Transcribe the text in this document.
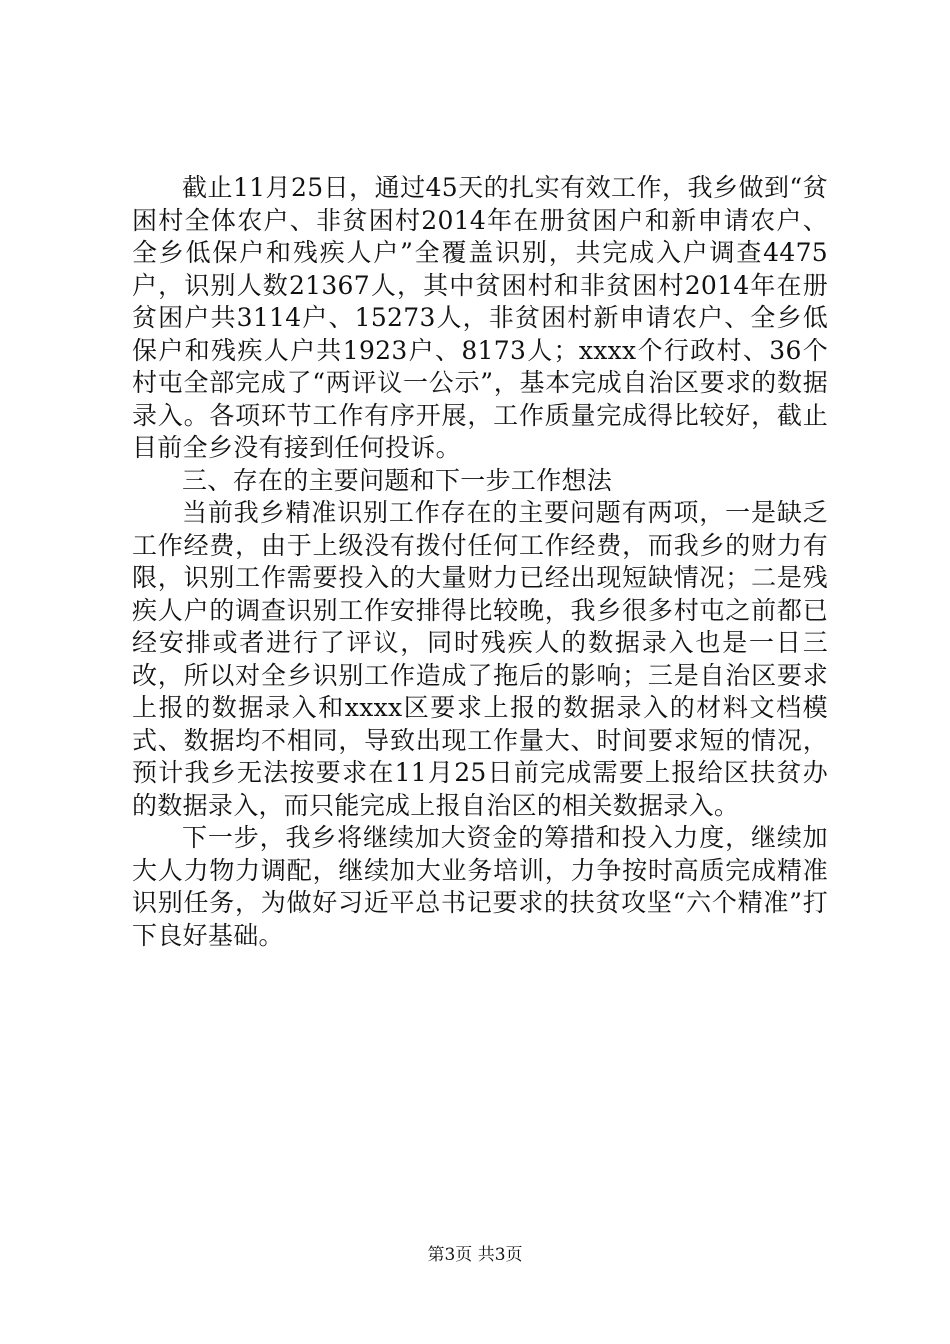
截止11月25日，通过45天的扎实有效工作，我乡做到“贫困村全体农户、非贫困村2014年在册贫困户和新申请农户、全乡低保户和残疾人户”全覆盖识别，共完成入户调查4475户，识别人数21367人，其中贫困村和非贫困村2014年在册贫困户共3114户、15273人，非贫困村新申请农户、全乡低保户和残疾人户共1923户、8173人；xxxx个行政村、36个村屯全部完成了“两评议一公示”，基本完成自治区要求的数据录入。各项环节工作有序开展，工作质量完成得比较好，截止目前全乡没有接到任何投诉。

三、存在的主要问题和下一步工作想法

当前我乡精准识别工作存在的主要问题有两项，一是缺乏工作经费，由于上级没有拨付任何工作经费，而我乡的财力有限，识别工作需要投入的大量财力已经出现短缺情况；二是残疾人户的调查识别工作安排得比较晚，我乡很多村屯之前都已经安排或者进行了评议，同时残疾人的数据录入也是一日三改，所以对全乡识别工作造成了拖后的影响；三是自治区要求上报的数据录入和xxxx区要求上报的数据录入的材料文档模式、数据均不相同，导致出现工作量大、时间要求短的情况，预计我乡无法按要求在11月25日前完成需要上报给区扶贫办的数据录入，而只能完成上报自治区的相关数据录入。

下一步，我乡将继续加大资金的筹措和投入力度，继续加大人力物力调配，继续加大业务培训，力争按时高质完成精准识别任务，为做好习近平总书记要求的扶贫攻坚“六个精准”打下良好基础。

第3页 共3页
